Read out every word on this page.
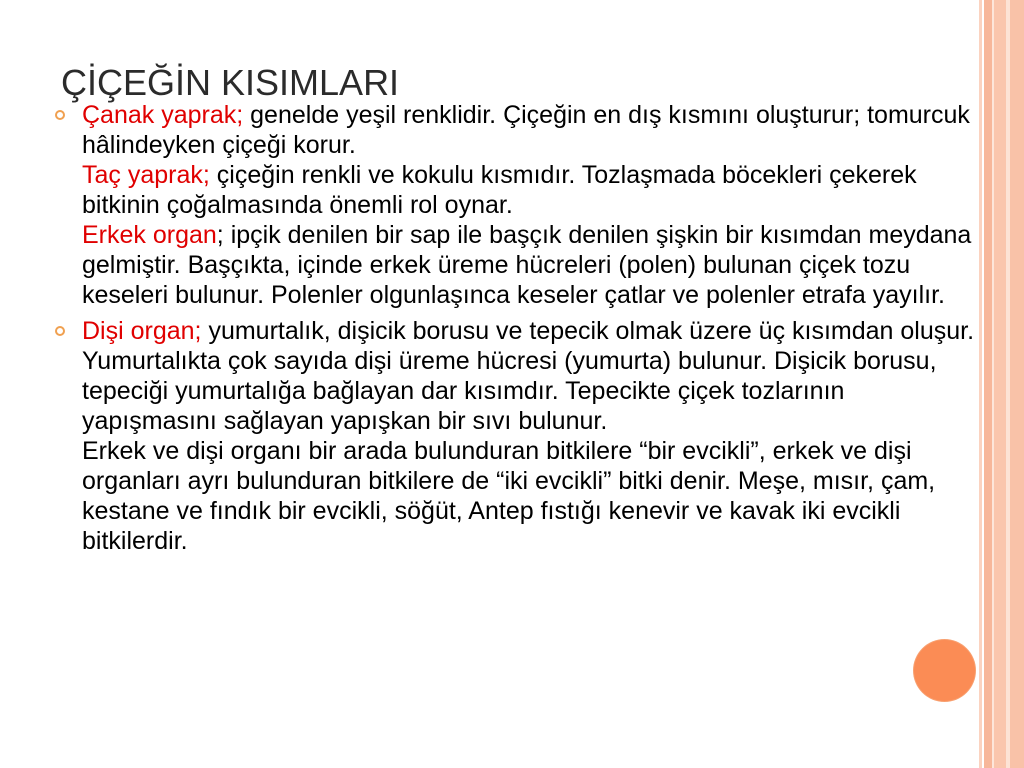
ÇİÇEĞİN KISIMLARI

Çanak yaprak; genelde yeşil renklidir. Çiçeğin en dış kısmını oluşturur; tomurcuk hâlindeyken çiçeği korur.

Taç yaprak; çiçeğin renkli ve kokulu kısmıdır. Tozlaşmada böcekleri çekerek bitkinin çoğalmasında önemli rol oynar.

Erkek organ; ipçik denilen bir sap ile başçık denilen şişkin bir kısımdan meydana gelmiştir. Başçıkta, içinde erkek üreme hücreleri (polen) bulunan çiçek tozu keseleri bulunur. Polenler olgunlaşınca keseler çatlar ve polenler etrafa yayılır.

Dişi organ; yumurtalık, dişicik borusu ve tepecik olmak üzere üç kısımdan oluşur. Yumurtalıkta çok sayıda dişi üreme hücresi (yumurta) bulunur. Dişicik borusu, tepeciği yumurtalığa bağlayan dar kısımdır. Tepecikte çiçek tozlarının yapışmasını sağlayan yapışkan bir sıvı bulunur.

Erkek ve dişi organı bir arada bulunduran bitkilere “bir evcikli”, erkek ve dişi organları ayrı bulunduran bitkilere de “iki evcikli” bitki denir. Meşe, mısır, çam, kestane ve fındık bir evcikli, söğüt, Antep fıstığı kenevir ve kavak iki evcikli bitkilerdir.
